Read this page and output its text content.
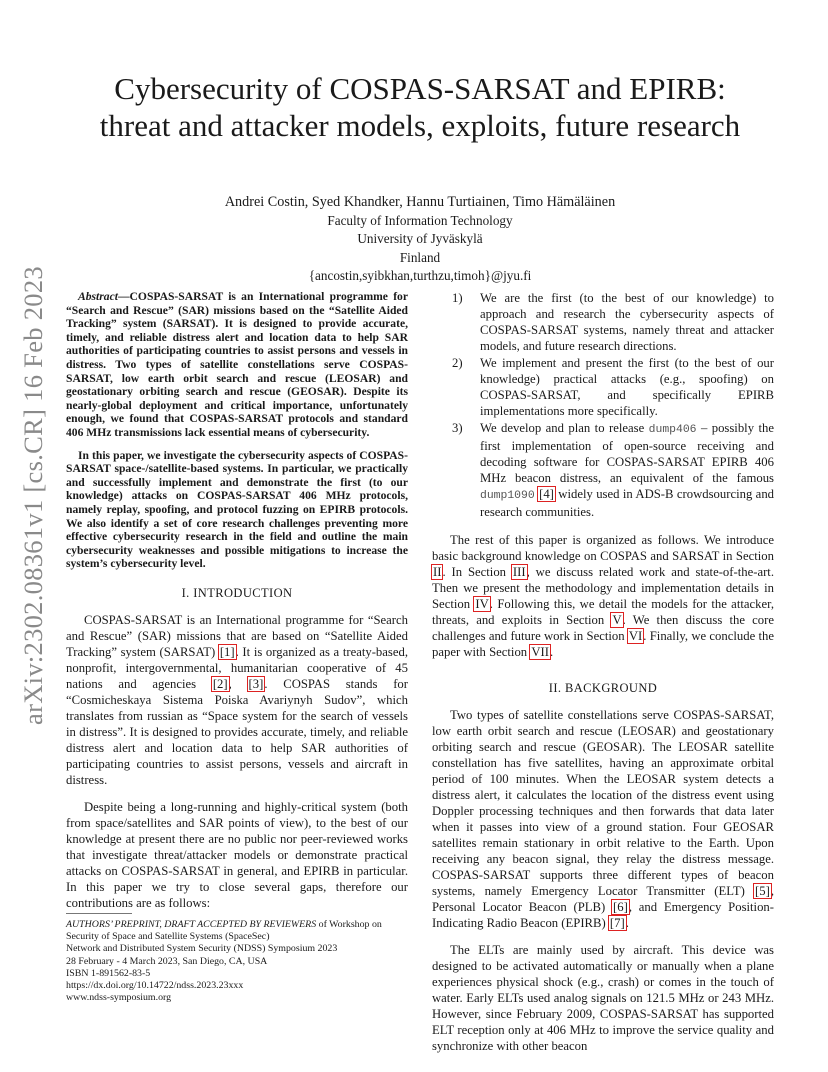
arXiv:2302.08361v1 [cs.CR] 16 Feb 2023
Cybersecurity of COSPAS-SARSAT and EPIRB:
threat and attacker models, exploits, future research
Andrei Costin, Syed Khandker, Hannu Turtiainen, Timo Hämäläinen
Faculty of Information Technology
University of Jyväskylä
Finland
{ancostin,syibkhan,turthzu,timoh}@jyu.fi

Abstract—COSPAS-SARSAT is an International programme for “Search and Rescue” (SAR) missions based on the “Satellite Aided Tracking” system (SARSAT). It is designed to provide accurate, timely, and reliable distress alert and location data to help SAR authorities of participating countries to assist persons and vessels in distress. Two types of satellite constellations serve COSPAS-SARSAT, low earth orbit search and rescue (LEOSAR) and geostationary orbiting search and rescue (GEOSAR). Despite its nearly-global deployment and critical importance, unfortunately enough, we found that COSPAS-SARSAT protocols and standard 406 MHz transmissions lack essential means of cybersecurity.

In this paper, we investigate the cybersecurity aspects of COSPAS-SARSAT space-/satellite-based systems. In particular, we practically and successfully implement and demonstrate the first (to our knowledge) attacks on COSPAS-SARSAT 406 MHz protocols, namely replay, spoofing, and protocol fuzzing on EPIRB protocols. We also identify a set of core research challenges preventing more effective cybersecurity research in the field and outline the main cybersecurity weaknesses and possible mitigations to increase the system’s cybersecurity level.

I. INTRODUCTION

COSPAS-SARSAT is an International programme for “Search and Rescue” (SAR) missions that are based on “Satellite Aided Tracking” system (SARSAT) [1]. It is organized as a treaty-based, nonprofit, intergovernmental, humanitarian cooperative of 45 nations and agencies [2], [3]. COSPAS stands for “Cosmicheskaya Sistema Poiska Avariynyh Sudov”, which translates from russian as “Space system for the search of vessels in distress”. It is designed to provides accurate, timely, and reliable distress alert and location data to help SAR authorities of participating countries to assist persons, vessels and aircraft in distress.

Despite being a long-running and highly-critical system (both from space/satellites and SAR points of view), to the best of our knowledge at present there are no public nor peer-reviewed works that investigate threat/attacker models or demonstrate practical attacks on COSPAS-SARSAT in general, and EPIRB in particular. In this paper we try to close several gaps, therefore our contributions are as follows:

AUTHORS’ PREPRINT, DRAFT ACCEPTED BY REVIEWERS of Workshop on Security of Space and Satellite Systems (SpaceSec)
Network and Distributed System Security (NDSS) Symposium 2023
28 February - 4 March 2023, San Diego, CA, USA
ISBN 1-891562-83-5
https://dx.doi.org/10.14722/ndss.2023.23xxx
www.ndss-symposium.org
1)	We are the first (to the best of our knowledge) to approach and research the cybersecurity aspects of COSPAS-SARSAT systems, namely threat and attacker models, and future research directions.
2)	We implement and present the first (to the best of our knowledge) practical attacks (e.g., spoofing) on COSPAS-SARSAT, and specifically EPIRB implementations more specifically.
3)	We develop and plan to release dump406 – possibly the first implementation of open-source receiving and decoding software for COSPAS-SARSAT EPIRB 406 MHz beacon distress, an equivalent of the famous dump1090 [4] widely used in ADS-B crowdsourcing and research communities.

The rest of this paper is organized as follows. We introduce basic background knowledge on COSPAS and SARSAT in Section II. In Section III, we discuss related work and state-of-the-art. Then we present the methodology and implementation details in Section IV. Following this, we detail the models for the attacker, threats, and exploits in Section V. We then discuss the core challenges and future work in Section VI. Finally, we conclude the paper with Section VII.

II. BACKGROUND

Two types of satellite constellations serve COSPAS-SARSAT, low earth orbit search and rescue (LEOSAR) and geostationary orbiting search and rescue (GEOSAR). The LEOSAR satellite constellation has five satellites, having an approximate orbital period of 100 minutes. When the LEOSAR system detects a distress alert, it calculates the location of the distress event using Doppler processing techniques and then forwards that data later when it passes into view of a ground station. Four GEOSAR satellites remain stationary in orbit relative to the Earth. Upon receiving any beacon signal, they relay the distress message. COSPAS-SARSAT supports three different types of beacon systems, namely Emergency Locator Transmitter (ELT) [5], Personal Locator Beacon (PLB) [6], and Emergency Position-Indicating Radio Beacon (EPIRB) [7].

The ELTs are mainly used by aircraft. This device was designed to be activated automatically or manually when a plane experiences physical shock (e.g., crash) or comes in the touch of water. Early ELTs used analog signals on 121.5 MHz or 243 MHz. However, since February 2009, COSPAS-SARSAT has supported ELT reception only at 406 MHz to improve the service quality and synchronize with other beacon
